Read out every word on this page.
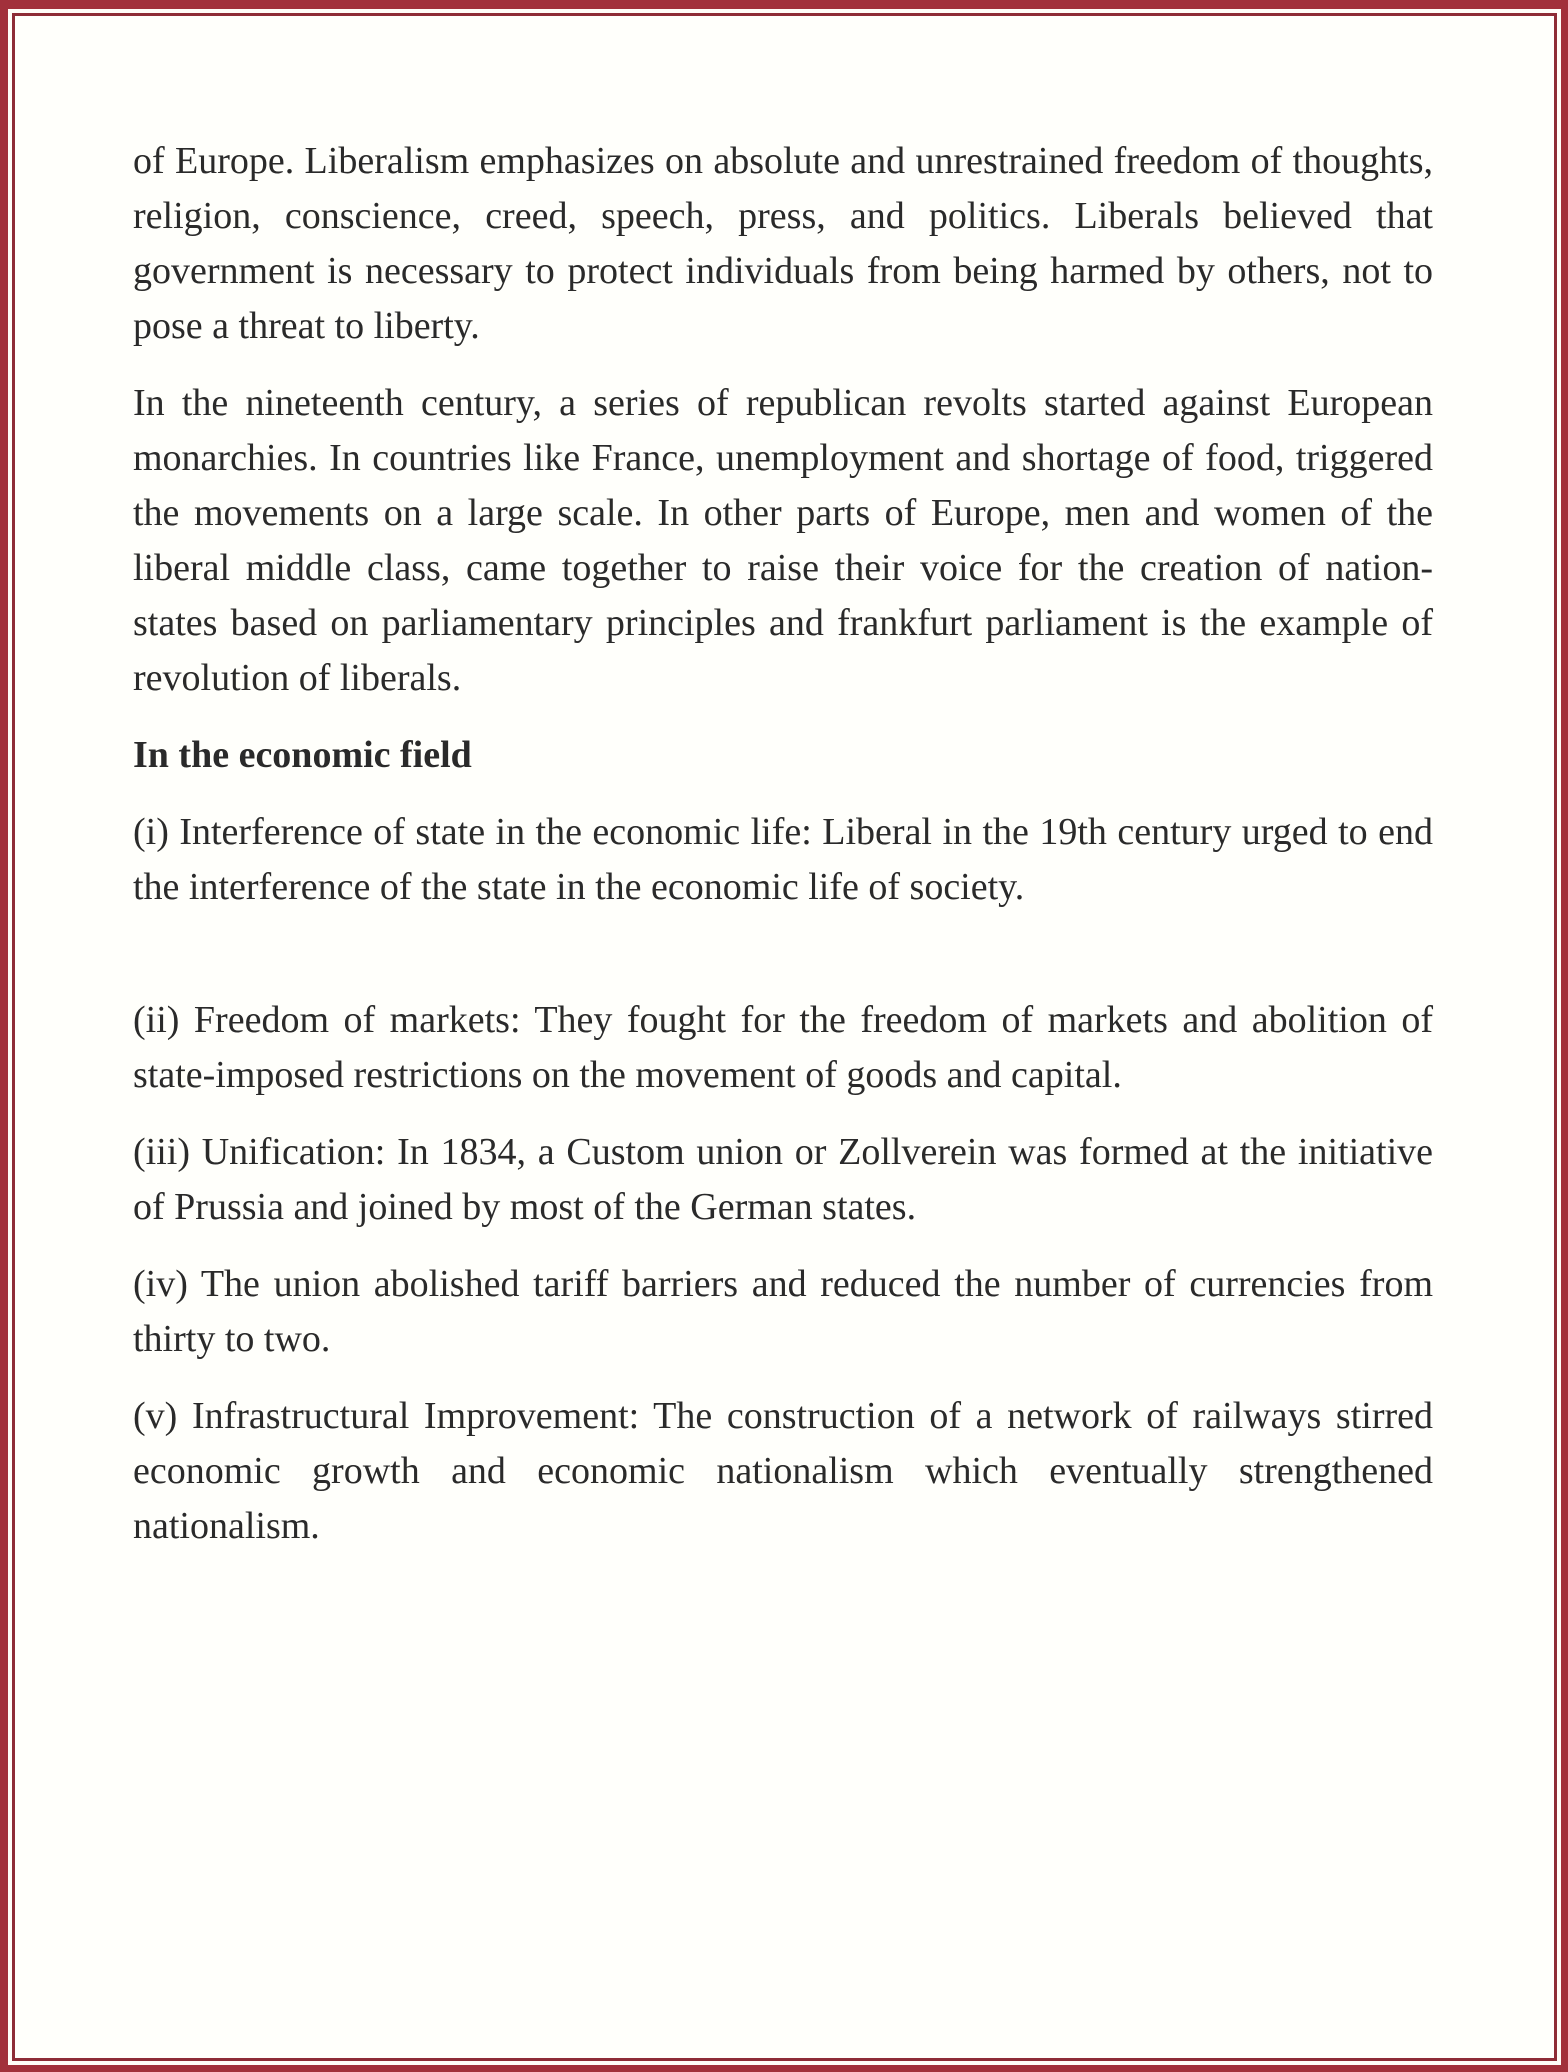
of Europe. Liberalism emphasizes on absolute and unrestrained freedom of thoughts, religion, conscience, creed, speech, press, and politics. Liberals believed that government is necessary to protect individuals from being harmed by others, not to pose a threat to liberty.

In the nineteenth century, a series of republican revolts started against European monarchies. In countries like France, unemployment and shortage of food, triggered the movements on a large scale. In other parts of Europe, men and women of the liberal middle class, came together to raise their voice for the creation of nation-states based on parliamentary principles and frankfurt parliament is the example of revolution of liberals.

In the economic field

(i) Interference of state in the economic life: Liberal in the 19th century urged to end the interference of the state in the economic life of society.

(ii) Freedom of markets: They fought for the freedom of markets and abolition of state-imposed restrictions on the movement of goods and capital.

(iii) Unification: In 1834, a Custom union or Zollverein was formed at the initiative of Prussia and joined by most of the German states.

(iv) The union abolished tariff barriers and reduced the number of currencies from thirty to two.

(v) Infrastructural Improvement: The construction of a network of railways stirred economic growth and economic nationalism which eventually strengthened nationalism.
